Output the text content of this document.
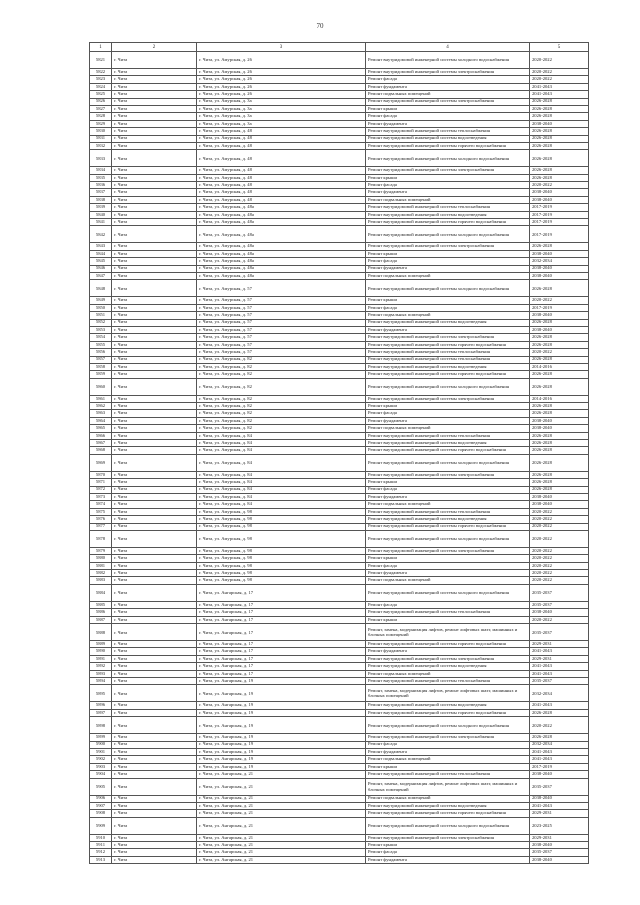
70
1	2	3	4	5
5821	г. Чита	г. Чита, ул. Амурская, д. 26	Ремонт внутридомовой инженерной системы холодного водоснабжения	2020-2022
5822	г. Чита	г. Чита, ул. Амурская, д. 26	Ремонт внутридомовой инженерной системы электроснабжения	2020-2022
5823	г. Чита	г. Чита, ул. Амурская, д. 26	Ремонт фасада	2020-2022
5824	г. Чита	г. Чита, ул. Амурская, д. 26	Ремонт фундамента	2041-2043
5825	г. Чита	г. Чита, ул. Амурская, д. 26	Ремонт подвальных помещений	2041-2043
5826	г. Чита	г. Чита, ул. Амурская, д. 3а	Ремонт внутридомовой инженерной системы электроснабжения	2026-2028
5827	г. Чита	г. Чита, ул. Амурская, д. 3а	Ремонт крыши	2026-2028
5828	г. Чита	г. Чита, ул. Амурская, д. 3а	Ремонт фасада	2026-2028
5829	г. Чита	г. Чита, ул. Амурская, д. 3а	Ремонт фундамента	2038-2040
5830	г. Чита	г. Чита, ул. Амурская, д. 48	Ремонт внутридомовой инженерной системы теплоснабжения	2026-2028
5831	г. Чита	г. Чита, ул. Амурская, д. 48	Ремонт внутридомовой инженерной системы водоотведения	2026-2028
5832	г. Чита	г. Чита, ул. Амурская, д. 48	Ремонт внутридомовой инженерной системы горячего водоснабжения	2026-2028
5833	г. Чита	г. Чита, ул. Амурская, д. 48	Ремонт внутридомовой инженерной системы холодного водоснабжения	2026-2028
5834	г. Чита	г. Чита, ул. Амурская, д. 48	Ремонт внутридомовой инженерной системы электроснабжения	2026-2028
5835	г. Чита	г. Чита, ул. Амурская, д. 48	Ремонт крыши	2026-2028
5836	г. Чита	г. Чита, ул. Амурская, д. 48	Ремонт фасада	2020-2022
5837	г. Чита	г. Чита, ул. Амурская, д. 48	Ремонт фундамента	2038-2040
5838	г. Чита	г. Чита, ул. Амурская, д. 48	Ремонт подвальных помещений	2038-2040
5839	г. Чита	г. Чита, ул. Амурская, д. 48а	Ремонт внутридомовой инженерной системы теплоснабжения	2017-2019
5840	г. Чита	г. Чита, ул. Амурская, д. 48а	Ремонт внутридомовой инженерной системы водоотведения	2017-2019
5841	г. Чита	г. Чита, ул. Амурская, д. 48а	Ремонт внутридомовой инженерной системы горячего водоснабжения	2017-2019
5842	г. Чита	г. Чита, ул. Амурская, д. 48а	Ремонт внутридомовой инженерной системы холодного водоснабжения	2017-2019
5843	г. Чита	г. Чита, ул. Амурская, д. 48а	Ремонт внутридомовой инженерной системы электроснабжения	2026-2028
5844	г. Чита	г. Чита, ул. Амурская, д. 48а	Ремонт крыши	2038-2040
5845	г. Чита	г. Чита, ул. Амурская, д. 48а	Ремонт фасада	2032-2034
5846	г. Чита	г. Чита, ул. Амурская, д. 48а	Ремонт фундамента	2038-2040
5847	г. Чита	г. Чита, ул. Амурская, д. 48а	Ремонт подвальных помещений	2038-2040
5848	г. Чита	г. Чита, ул. Амурская, д. 57	Ремонт внутридомовой инженерной системы холодного водоснабжения	2026-2028
5849	г. Чита	г. Чита, ул. Амурская, д. 57	Ремонт крыши	2020-2022
5850	г. Чита	г. Чита, ул. Амурская, д. 57	Ремонт фасада	2017-2019
5851	г. Чита	г. Чита, ул. Амурская, д. 57	Ремонт подвальных помещений	2038-2040
5852	г. Чита	г. Чита, ул. Амурская, д. 57	Ремонт внутридомовой инженерной системы водоотведения	2026-2028
5853	г. Чита	г. Чита, ул. Амурская, д. 57	Ремонт фундамента	2038-2040
5854	г. Чита	г. Чита, ул. Амурская, д. 57	Ремонт внутридомовой инженерной системы электроснабжения	2026-2028
5855	г. Чита	г. Чита, ул. Амурская, д. 57	Ремонт внутридомовой инженерной системы горячего водоснабжения	2026-2028
5856	г. Чита	г. Чита, ул. Амурская, д. 57	Ремонт внутридомовой инженерной системы теплоснабжения	2020-2022
5857	г. Чита	г. Чита, ул. Амурская, д. 82	Ремонт внутридомовой инженерной системы теплоснабжения	2026-2028
5858	г. Чита	г. Чита, ул. Амурская, д. 82	Ремонт внутридомовой инженерной системы водоотведения	2014-2016
5859	г. Чита	г. Чита, ул. Амурская, д. 82	Ремонт внутридомовой инженерной системы горячего водоснабжения	2026-2028
5860	г. Чита	г. Чита, ул. Амурская, д. 82	Ремонт внутридомовой инженерной системы холодного водоснабжения	2026-2028
5861	г. Чита	г. Чита, ул. Амурская, д. 82	Ремонт внутридомовой инженерной системы электроснабжения	2014-2016
5862	г. Чита	г. Чита, ул. Амурская, д. 82	Ремонт крыши	2026-2028
5863	г. Чита	г. Чита, ул. Амурская, д. 82	Ремонт фасада	2026-2028
5864	г. Чита	г. Чита, ул. Амурская, д. 82	Ремонт фундамента	2038-2040
5865	г. Чита	г. Чита, ул. Амурская, д. 82	Ремонт подвальных помещений	2038-2040
5866	г. Чита	г. Чита, ул. Амурская, д. 84	Ремонт внутридомовой инженерной системы теплоснабжения	2026-2028
5867	г. Чита	г. Чита, ул. Амурская, д. 84	Ремонт внутридомовой инженерной системы водоотведения	2026-2028
5868	г. Чита	г. Чита, ул. Амурская, д. 84	Ремонт внутридомовой инженерной системы горячего водоснабжения	2026-2028
5869	г. Чита	г. Чита, ул. Амурская, д. 84	Ремонт внутридомовой инженерной системы холодного водоснабжения	2026-2028
5870	г. Чита	г. Чита, ул. Амурская, д. 84	Ремонт внутридомовой инженерной системы электроснабжения	2026-2028
5871	г. Чита	г. Чита, ул. Амурская, д. 84	Ремонт крыши	2026-2028
5872	г. Чита	г. Чита, ул. Амурская, д. 84	Ремонт фасада	2026-2028
5873	г. Чита	г. Чита, ул. Амурская, д. 84	Ремонт фундамента	2038-2040
5874	г. Чита	г. Чита, ул. Амурская, д. 84	Ремонт подвальных помещений	2038-2040
5875	г. Чита	г. Чита, ул. Амурская, д. 98	Ремонт внутридомовой инженерной системы теплоснабжения	2020-2022
5876	г. Чита	г. Чита, ул. Амурская, д. 98	Ремонт внутридомовой инженерной системы водоотведения	2020-2022
5877	г. Чита	г. Чита, ул. Амурская, д. 98	Ремонт внутридомовой инженерной системы горячего водоснабжения	2020-2022
5878	г. Чита	г. Чита, ул. Амурская, д. 98	Ремонт внутридомовой инженерной системы холодного водоснабжения	2020-2022
5879	г. Чита	г. Чита, ул. Амурская, д. 98	Ремонт внутридомовой инженерной системы электроснабжения	2020-2022
5880	г. Чита	г. Чита, ул. Амурская, д. 98	Ремонт крыши	2020-2022
5881	г. Чита	г. Чита, ул. Амурская, д. 98	Ремонт фасада	2020-2022
5882	г. Чита	г. Чита, ул. Амурская, д. 98	Ремонт фундамента	2020-2022
5883	г. Чита	г. Чита, ул. Амурская, д. 98	Ремонт подвальных помещений	2020-2022
5884	г. Чита	г. Чита, ул. Ангарская, д. 17	Ремонт внутридомовой инженерной системы холодного водоснабжения	2035-2037
5885	г. Чита	г. Чита, ул. Ангарская, д. 17	Ремонт фасада	2035-2037
5886	г. Чита	г. Чита, ул. Ангарская, д. 17	Ремонт внутридомовой инженерной системы теплоснабжения	2038-2040
5887	г. Чита	г. Чита, ул. Ангарская, д. 17	Ремонт крыши	2020-2022
5888	г. Чита	г. Чита, ул. Ангарская, д. 17	Ремонт, замена, модернизация лифтов, ремонт лифтовых шахт, машинных и блочных помещений	2035-2037
5889	г. Чита	г. Чита, ул. Ангарская, д. 17	Ремонт внутридомовой инженерной системы горячего водоснабжения	2029-2031
5890	г. Чита	г. Чита, ул. Ангарская, д. 17	Ремонт фундамента	2041-2043
5891	г. Чита	г. Чита, ул. Ангарская, д. 17	Ремонт внутридомовой инженерной системы электроснабжения	2029-2031
5892	г. Чита	г. Чита, ул. Ангарская, д. 17	Ремонт внутридомовой инженерной системы водоотведения	2041-2043
5893	г. Чита	г. Чита, ул. Ангарская, д. 17	Ремонт подвальных помещений	2041-2043
5894	г. Чита	г. Чита, ул. Ангарская, д. 19	Ремонт внутридомовой инженерной системы теплоснабжения	2035-2037
5895	г. Чита	г. Чита, ул. Ангарская, д. 19	Ремонт, замена, модернизация лифтов, ремонт лифтовых шахт, машинных и блочных помещений	2032-2034
5896	г. Чита	г. Чита, ул. Ангарская, д. 19	Ремонт внутридомовой инженерной системы водоотведения	2041-2043
5897	г. Чита	г. Чита, ул. Ангарская, д. 19	Ремонт внутридомовой инженерной системы горячего водоснабжения	2026-2028
5898	г. Чита	г. Чита, ул. Ангарская, д. 19	Ремонт внутридомовой инженерной системы холодного водоснабжения	2020-2022
5899	г. Чита	г. Чита, ул. Ангарская, д. 19	Ремонт внутридомовой инженерной системы электроснабжения	2026-2028
5900	г. Чита	г. Чита, ул. Ангарская, д. 19	Ремонт фасада	2032-2034
5901	г. Чита	г. Чита, ул. Ангарская, д. 19	Ремонт фундамента	2041-2043
5902	г. Чита	г. Чита, ул. Ангарская, д. 19	Ремонт подвальных помещений	2041-2043
5903	г. Чита	г. Чита, ул. Ангарская, д. 19	Ремонт крыши	2017-2019
5904	г. Чита	г. Чита, ул. Ангарская, д. 21	Ремонт внутридомовой инженерной системы теплоснабжения	2038-2040
5905	г. Чита	г. Чита, ул. Ангарская, д. 21	Ремонт, замена, модернизация лифтов, ремонт лифтовых шахт, машинных и блочных помещений	2035-2037
5906	г. Чита	г. Чита, ул. Ангарская, д. 21	Ремонт подвальных помещений	2038-2040
5907	г. Чита	г. Чита, ул. Ангарская, д. 21	Ремонт внутридомовой инженерной системы водоотведения	2041-2043
5908	г. Чита	г. Чита, ул. Ангарская, д. 21	Ремонт внутридомовой инженерной системы горячего водоснабжения	2029-2031
5909	г. Чита	г. Чита, ул. Ангарская, д. 21	Ремонт внутридомовой инженерной системы холодного водоснабжения	2023-2025
5910	г. Чита	г. Чита, ул. Ангарская, д. 21	Ремонт внутридомовой инженерной системы электроснабжения	2029-2031
5911	г. Чита	г. Чита, ул. Ангарская, д. 21	Ремонт крыши	2038-2040
5912	г. Чита	г. Чита, ул. Ангарская, д. 21	Ремонт фасада	2035-2037
5913	г. Чита	г. Чита, ул. Ангарская, д. 21	Ремонт фундамента	2038-2040
